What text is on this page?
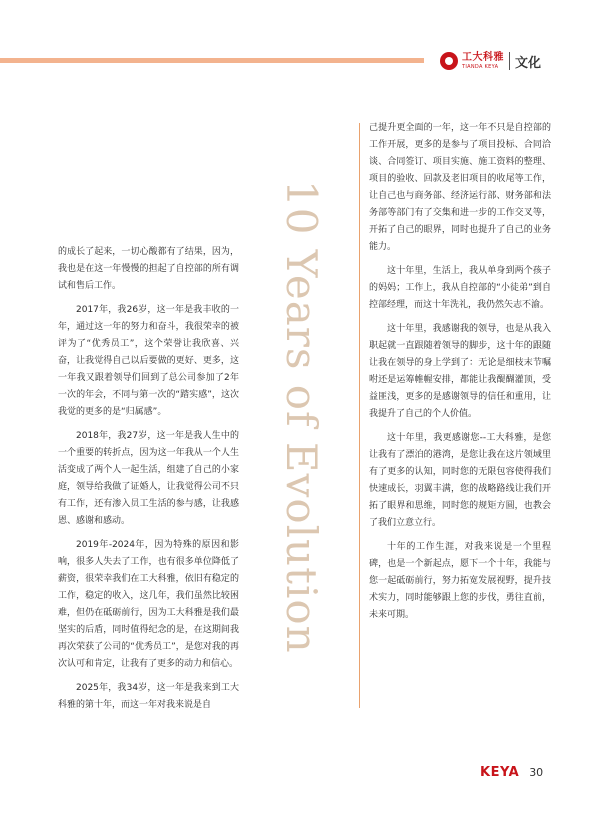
工大科雅
TIANDA KEYA	文化
10 Years of Evolution

的成长了起来，一切心酸都有了结果，因为，我也是在这一年慢慢的担起了自控部的所有调试和售后工作。

2017年，我26岁，这一年是我丰收的一年，通过这一年的努力和奋斗，我很荣幸的被评为了“优秀员工”，这个荣誉让我欣喜、兴奋，让我觉得自己以后要做的更好、更多，这一年我又跟着领导们回到了总公司参加了2年一次的年会，不同与第一次的“踏实感”，这次我觉的更多的是“归属感”。

2018年，我27岁，这一年是我人生中的一个重要的转折点，因为这一年我从一个人生活变成了两个人一起生活，组建了自己的小家庭，领导给我做了证婚人，让我觉得公司不只有工作，还有渗入员工生活的参与感，让我感恩、感谢和感动。

2019年-2024年，因为特殊的原因和影响，很多人失去了工作，也有很多单位降低了薪资，很荣幸我们在工大科雅，依旧有稳定的工作，稳定的收入，这几年，我们虽然比较困难，但仍在砥砺前行，因为工大科雅是我们最坚实的后盾，同时值得纪念的是，在这期间我再次荣获了公司的“优秀员工”，是您对我的再次认可和肯定，让我有了更多的动力和信心。

2025年，我34岁，这一年是我来到工大科雅的第十年，而这一年对我来说是自

己提升更全面的一年，这一年不只是自控部的工作开展，更多的是参与了项目投标、合同洽谈、合同签订、项目实施、施工资料的整理、项目的验收、回款及老旧项目的收尾等工作，让自己也与商务部、经济运行部、财务部和法务部等部门有了交集和进一步的工作交叉等，开拓了自己的眼界，同时也提升了自己的业务能力。

这十年里，生活上，我从单身到两个孩子的妈妈；工作上，我从自控部的“小徒弟”到自控部经理，而这十年洗礼，我仍然矢志不渝。

这十年里，我感谢我的领导，也是从我入职起就一直跟随着领导的脚步，这十年的跟随让我在领导的身上学到了：无论是细枝末节嘱咐还是运筹帷幄安排，都能让我醍醐灌顶，受益匪浅，更多的是感谢领导的信任和重用，让我提升了自己的个人价值。

这十年里，我更感谢您--工大科雅，是您让我有了漂泊的港湾，是您让我在这片领域里有了更多的认知，同时您的无限包容使得我们快速成长，羽翼丰满，您的战略路线让我们开拓了眼界和思维，同时您的规矩方圆，也教会了我们立意立行。

十年的工作生涯，对我来说是一个里程碑，也是一个新起点，愿下一个十年，我能与您一起砥砺前行，努力拓宽发展视野，提升技术实力，同时能够跟上您的步伐，勇往直前，未来可期。

KEYA 30
